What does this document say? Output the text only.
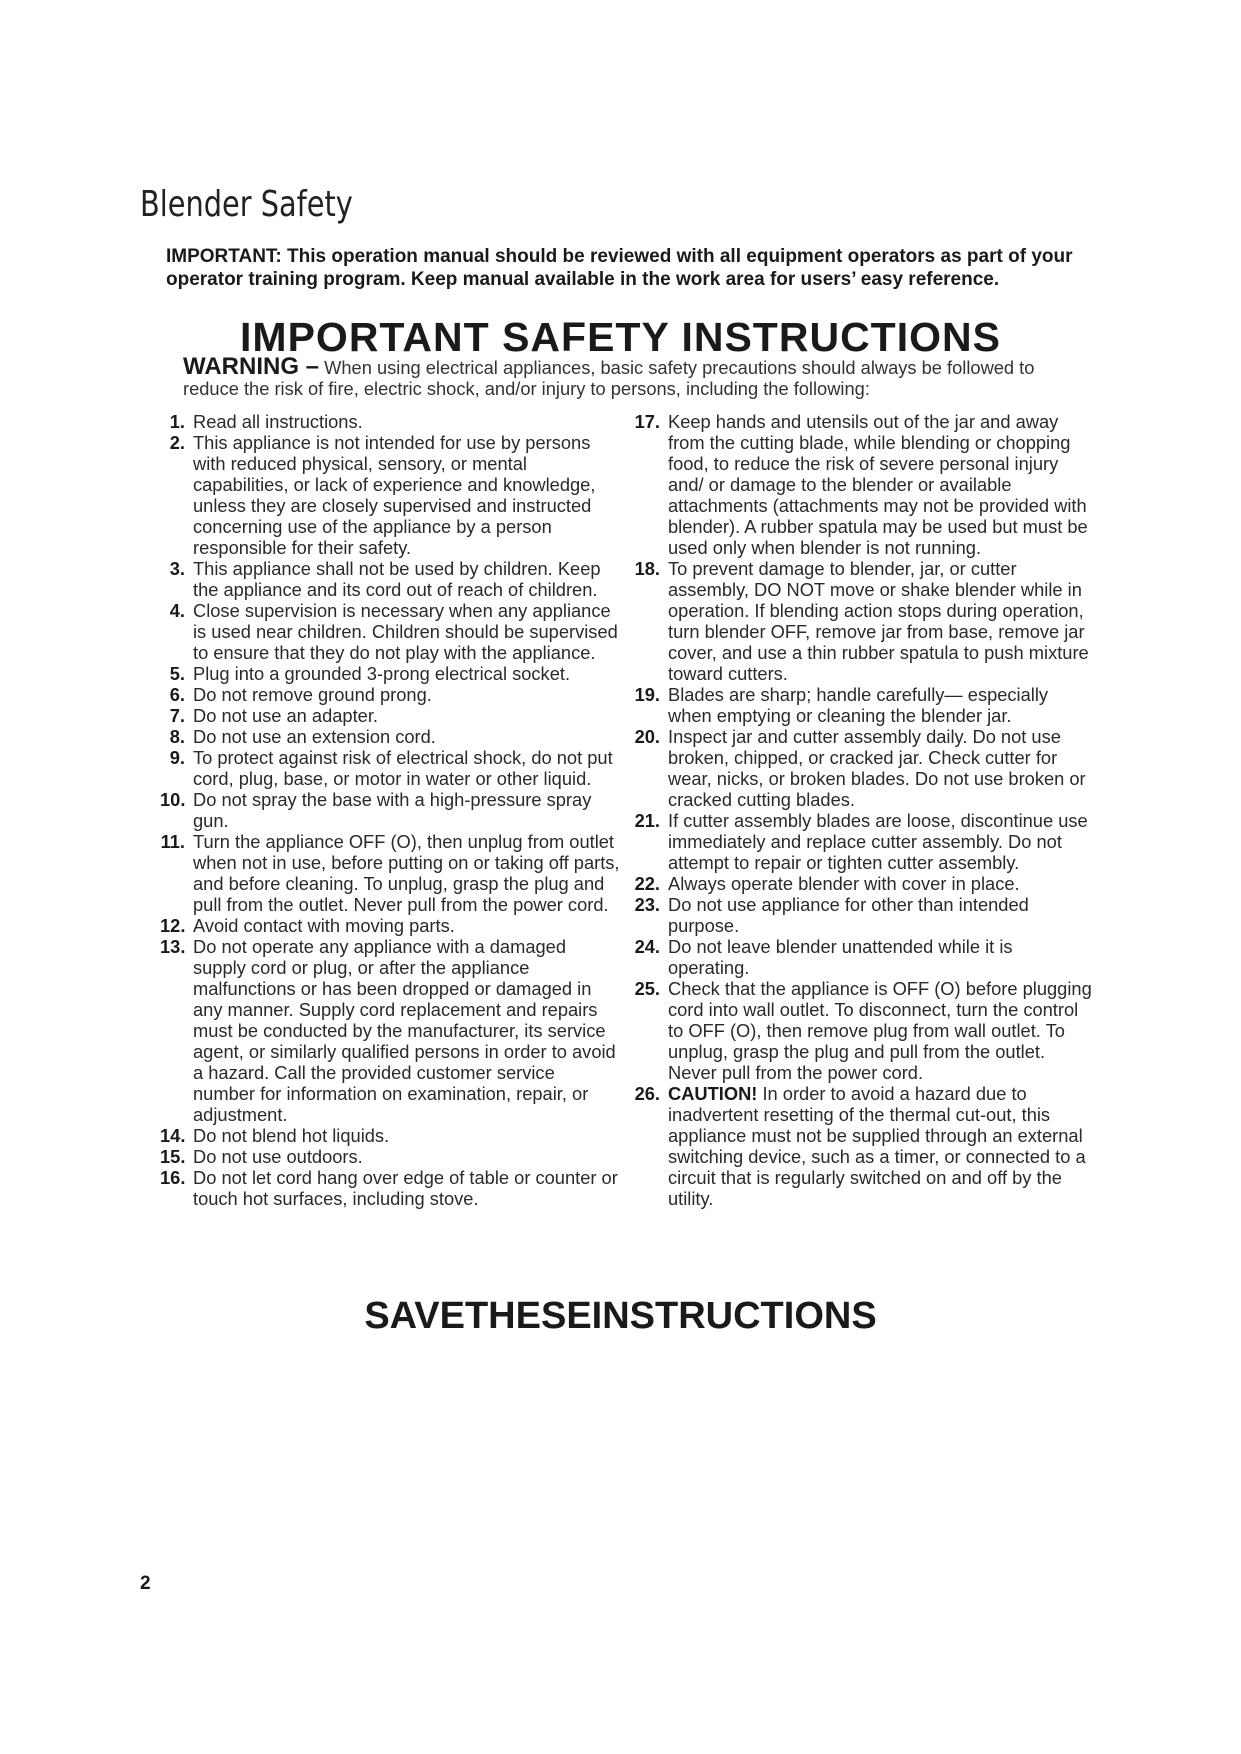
Blender Safety
IMPORTANT: This operation manual should be reviewed with all equipment operators as part of your operator training program. Keep manual available in the work area for users’ easy reference.
IMPORTANT SAFETY INSTRUCTIONS
WARNING – When using electrical appliances, basic safety precautions should always be followed to reduce the risk of fire, electric shock, and/or injury to persons, including the following:
1. Read all instructions.
2. This appliance is not intended for use by persons with reduced physical, sensory, or mental capabilities, or lack of experience and knowledge, unless they are closely supervised and instructed concerning use of the appliance by a person responsible for their safety.
3. This appliance shall not be used by children. Keep the appliance and its cord out of reach of children.
4. Close supervision is necessary when any appliance is used near children. Children should be supervised to ensure that they do not play with the appliance.
5. Plug into a grounded 3-prong electrical socket.
6. Do not remove ground prong.
7. Do not use an adapter.
8. Do not use an extension cord.
9. To protect against risk of electrical shock, do not put cord, plug, base, or motor in water or other liquid.
10. Do not spray the base with a high-pressure spray gun.
11. Turn the appliance OFF (O), then unplug from outlet when not in use, before putting on or taking off parts, and before cleaning. To unplug, grasp the plug and pull from the outlet. Never pull from the power cord.
12. Avoid contact with moving parts.
13. Do not operate any appliance with a damaged supply cord or plug, or after the appliance malfunctions or has been dropped or damaged in any manner. Supply cord replacement and repairs must be conducted by the manufacturer, its service agent, or similarly qualified persons in order to avoid a hazard. Call the provided customer service number for information on examination, repair, or adjustment.
14. Do not blend hot liquids.
15. Do not use outdoors.
16. Do not let cord hang over edge of table or counter or touch hot surfaces, including stove.
17. Keep hands and utensils out of the jar and away from the cutting blade, while blending or chopping food, to reduce the risk of severe personal injury and/ or damage to the blender or available attachments (attachments may not be provided with blender). A rubber spatula may be used but must be used only when blender is not running.
18. To prevent damage to blender, jar, or cutter assembly, DO NOT move or shake blender while in operation. If blending action stops during operation, turn blender OFF, remove jar from base, remove jar cover, and use a thin rubber spatula to push mixture toward cutters.
19. Blades are sharp; handle carefully— especially when emptying or cleaning the blender jar.
20. Inspect jar and cutter assembly daily. Do not use broken, chipped, or cracked jar. Check cutter for wear, nicks, or broken blades. Do not use broken or cracked cutting blades.
21. If cutter assembly blades are loose, discontinue use immediately and replace cutter assembly. Do not attempt to repair or tighten cutter assembly.
22. Always operate blender with cover in place.
23. Do not use appliance for other than intended purpose.
24. Do not leave blender unattended while it is operating.
25. Check that the appliance is OFF (O) before plugging cord into wall outlet. To disconnect, turn the control to OFF (O), then remove plug from wall outlet. To unplug, grasp the plug and pull from the outlet. Never pull from the power cord.
26. CAUTION! In order to avoid a hazard due to inadvertent resetting of the thermal cut-out, this appliance must not be supplied through an external switching device, such as a timer, or connected to a circuit that is regularly switched on and off by the utility.
SAVETHESEINSTRUCTIONS
2
